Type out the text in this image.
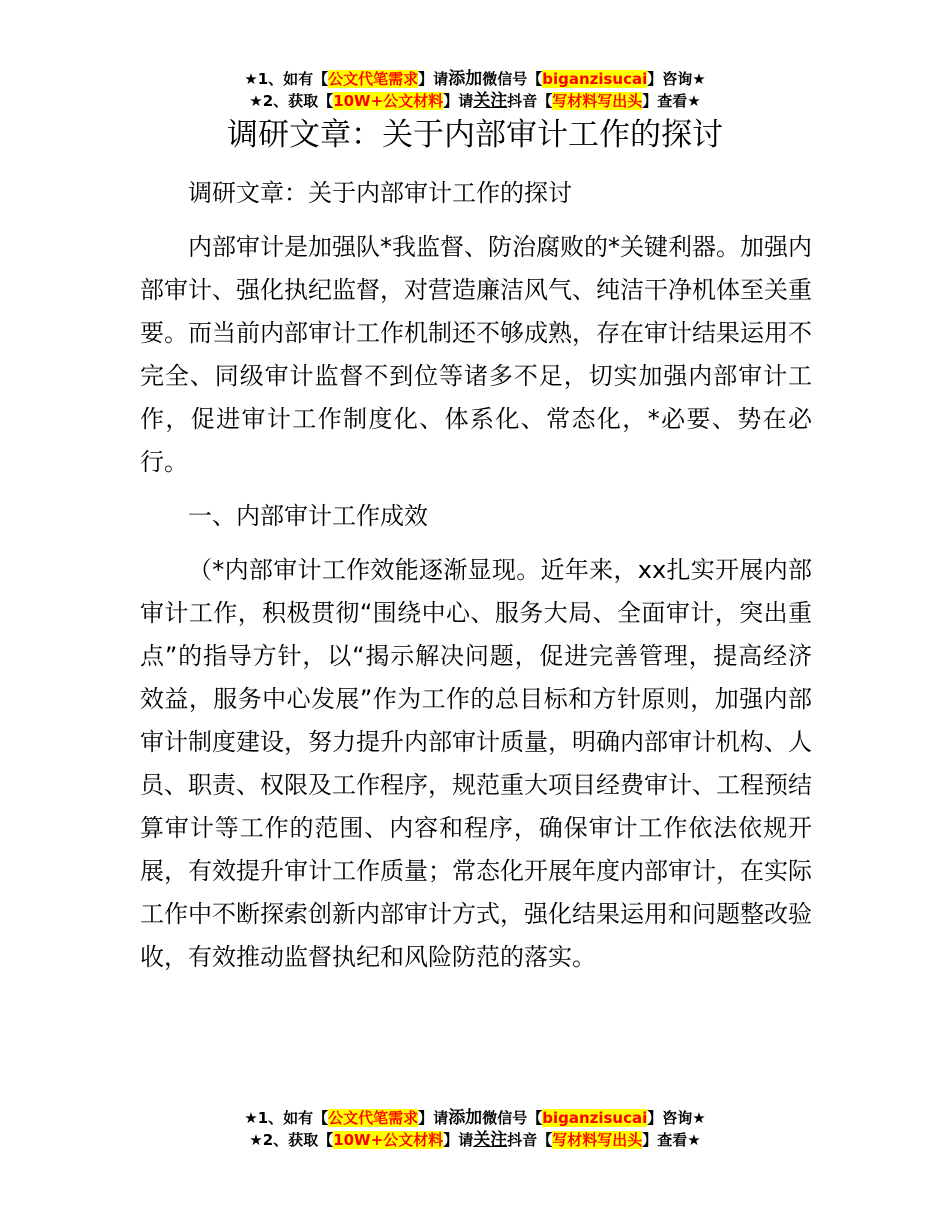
★1、如有【公文代笔需求】请添加微信号【biganzisucai】咨询★
★2、获取【10W+公文材料】请关注抖音【写材料写出头】查看★
调研文章：关于内部审计工作的探讨

调研文章：关于内部审计工作的探讨

内部审计是加强队*我监督、防治腐败的*关键利器。加强内部审计、强化执纪监督，对营造廉洁风气、纯洁干净机体至关重要。而当前内部审计工作机制还不够成熟，存在审计结果运用不完全、同级审计监督不到位等诸多不足，切实加强内部审计工作，促进审计工作制度化、体系化、常态化，*必要、势在必行。

一、内部审计工作成效

（*内部审计工作效能逐渐显现。近年来，xx扎实开展内部审计工作，积极贯彻“围绕中心、服务大局、全面审计，突出重点”的指导方针，以“揭示解决问题，促进完善管理，提高经济效益，服务中心发展”作为工作的总目标和方针原则，加强内部审计制度建设，努力提升内部审计质量，明确内部审计机构、人员、职责、权限及工作程序，规范重大项目经费审计、工程预结算审计等工作的范围、内容和程序，确保审计工作依法依规开展，有效提升审计工作质量；常态化开展年度内部审计，在实际工作中不断探索创新内部审计方式，强化结果运用和问题整改验收，有效推动监督执纪和风险防范的落实。

★1、如有【公文代笔需求】请添加微信号【biganzisucai】咨询★
★2、获取【10W+公文材料】请关注抖音【写材料写出头】查看★
